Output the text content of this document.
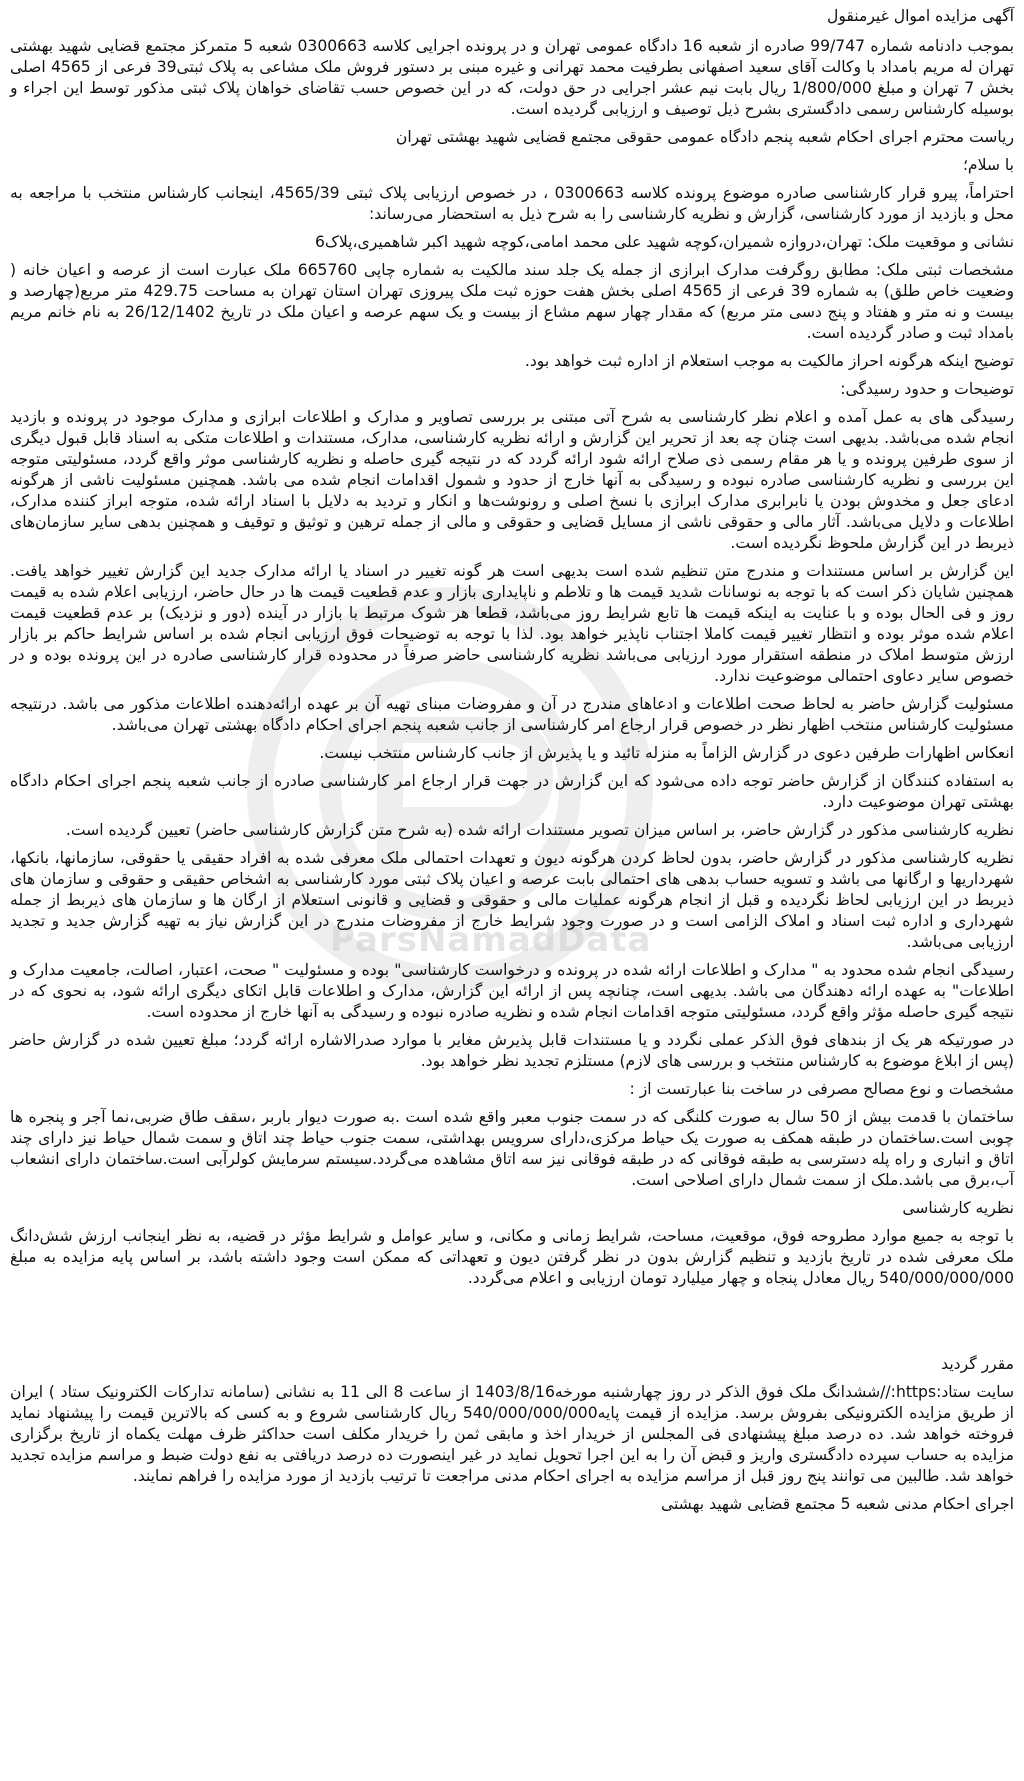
ParsNamadData

آگهی مزایده اموال غیرمنقول

بموجب دادنامه شماره 99/747 صادره از شعبه 16 دادگاه عمومی تهران و در پرونده اجرایی کلاسه 0300663 شعبه 5 متمرکز مجتمع قضایی شهید بهشتی تهران له مریم بامداد با وکالت آقای سعید اصفهانی بطرفیت محمد تهرانی و غیره مبنی بر دستور فروش ملک مشاعی به پلاک ثبتی39 فرعی از 4565 اصلی بخش 7 تهران و مبلغ 1/800/000 ریال بابت نیم عشر اجرایی در حق دولت، که در این خصوص حسب تقاضای خواهان پلاک ثبتی مذکور توسط این اجراء و بوسیله کارشناس رسمی دادگستری بشرح ذیل توصیف و ارزیابی گردیده است.

ریاست محترم اجرای احکام شعبه پنجم دادگاه عمومی حقوقی مجتمع قضایی شهید بهشتی تهران

با سلام؛

احتراماً، پیرو قرار کارشناسی صادره موضوع پرونده کلاسه 0300663 ، در خصوص ارزیابی پلاک ثبتی 4565/39، اینجانب کارشناس منتخب با مراجعه به محل و بازدید از مورد کارشناسی، گزارش و نظریه کارشناسی را به شرح ذیل به استحضار می‌رساند:

نشانی و موقعیت ملک: تهران،دروازه شمیران،کوچه شهید علی محمد امامی،کوچه شهید اکبر شاهمیری،پلاک6

مشخصات ثبتی ملک: مطابق روگرفت مدارک ابرازی از جمله یک جلد سند مالکیت به شماره چاپی 665760 ملک عبارت است از عرصه و اعیان خانه ( وضعیت خاص طلق) به شماره 39 فرعی از 4565 اصلی بخش هفت حوزه ثبت ملک پیروزی تهران استان تهران به مساحت 429.75 متر مربع(چهارصد و بیست و نه متر و هفتاد و پنج دسی متر مربع) که مقدار چهار سهم مشاع از بیست و یک سهم عرصه و اعیان ملک در تاریخ 26/12/1402 به نام خانم مریم بامداد ثبت و صادر گردیده است.

توضیح اینکه هرگونه احراز مالکیت به موجب استعلام از اداره ثبت خواهد بود.

توضیحات و حدود رسیدگی:

رسیدگی های به عمل آمده و اعلام نظر کارشناسی به شرح آتی مبتنی بر بررسی تصاویر و مدارک و اطلاعات ابرازی و مدارک موجود در پرونده و بازدید انجام شده می‌باشد. بدیهی است چنان چه بعد از تحریر این گزارش و ارائه نظریه کارشناسی، مدارک، مستندات و اطلاعات متکی به اسناد قابل قبول دیگری از سوی طرفین پرونده و یا هر مقام رسمی ذی صلاح ارائه شود ارائه گردد که در نتیجه گیری حاصله و نظریه کارشناسی موثر واقع گردد، مسئولیتی متوجه این بررسی و نظریه کارشناسی صادره نبوده و رسیدگی به آنها خارج از حدود و شمول اقدامات انجام شده می باشد. همچنین مسئولیت ناشی از هرگونه ادعای جعل و مخدوش بودن یا نابرابری مدارک ابرازی با نسخ اصلی و رونوشت‌ها و انکار و تردید به دلایل با اسناد ارائه شده، متوجه ابراز کننده مدارک، اطلاعات و دلایل می‌باشد. آثار مالی و حقوقی ناشی از مسایل قضایی و حقوقی و مالی از جمله ترهین و توثیق و توقیف و همچنین بدهی سایر سازمان‌های ذیربط در این گزارش ملحوظ نگردیده است.

این گزارش بر اساس مستندات و مندرج متن تنظیم شده است بدیهی است هر گونه تغییر در اسناد یا ارائه مدارک جدید این گزارش تغییر خواهد یافت. همچنین شایان ذکر است که با توجه به نوسانات شدید قیمت ها و تلاطم و ناپایداری بازار و عدم قطعیت قیمت ها در حال حاضر، ارزیابی اعلام شده به قیمت روز و فی الحال بوده و با عنایت به اینکه قیمت ها تابع شرایط روز می‌باشد، قطعا هر شوک مرتبط با بازار در آینده (دور و نزدیک) بر عدم قطعیت قیمت اعلام شده موثر بوده و انتظار تغییر قیمت کاملا اجتناب ناپذیر خواهد بود. لذا با توجه به توضیحات فوق ارزیابی انجام شده بر اساس شرایط حاکم بر بازار ارزش متوسط املاک در منطقه استقرار مورد ارزیابی می‌باشد نظریه کارشناسی حاضر صرفاً در محدوده قرار کارشناسی صادره در این پرونده بوده و در خصوص سایر دعاوی احتمالی موضوعیت ندارد.

مسئولیت گزارش حاضر به لحاظ صحت اطلاعات و ادعاهای مندرج در آن و مفروضات مبنای تهیه آن بر عهده ارائه‌دهنده اطلاعات مذکور می باشد. درنتیجه مسئولیت کارشناس منتخب اظهار نظر در خصوص قرار ارجاع امر کارشناسی از جانب شعبه پنجم اجرای احکام دادگاه بهشتی تهران می‌باشد.

انعکاس اظهارات طرفین دعوی در گزارش الزاماً به منزله تائید و یا پذیرش از جانب کارشناس منتخب نیست.

به استفاده کنندگان از گزارش حاضر توجه داده می‌شود که این گزارش در جهت قرار ارجاع امر کارشناسی صادره از جانب شعبه پنجم اجرای احکام دادگاه بهشتی تهران موضوعیت دارد.

نظریه کارشناسی مذکور در گزارش حاضر، بر اساس میزان تصویر مستندات ارائه شده (به شرح متن گزارش کارشناسی حاضر) تعیین گردیده است.

نظریه کارشناسی مذکور در گزارش حاضر، بدون لحاظ کردن هرگونه دیون و تعهدات احتمالی ملک معرفی شده به افراد حقیقی یا حقوقی، سازمانها، بانکها، شهرداریها و ارگانها می باشد و تسویه حساب بدهی های احتمالی بابت عرصه و اعیان پلاک ثبتی مورد کارشناسی به اشخاص حقیقی و حقوقی و سازمان های ذیربط در این ارزیابی لحاظ نگردیده و قبل از انجام هرگونه عملیات مالی و حقوقی و قضایی و قانونی استعلام از ارگان ها و سازمان های ذیربط از جمله شهرداری و اداره ثبت اسناد و املاک الزامی است و در صورت وجود شرایط خارج از مفروضات مندرج در این گزارش نیاز به تهیه گزارش جدید و تجدید ارزیابی می‌باشد.

رسیدگی انجام شده محدود به " مدارک و اطلاعات ارائه شده در پرونده و درخواست کارشناسی" بوده و مسئولیت " صحت، اعتبار، اصالت، جامعیت مدارک و اطلاعات" به عهده ارائه دهندگان می باشد. بدیهی است، چنانچه پس از ارائه این گزارش، مدارک و اطلاعات قابل اتکای دیگری ارائه شود، به نحوی که در نتیجه گیری حاصله مؤثر واقع گردد، مسئولیتی متوجه اقدامات انجام شده و نظریه صادره نبوده و رسیدگی به آنها خارج از محدوده است.

در صورتیکه هر یک از بندهای فوق الذکر عملی نگردد و یا مستندات قابل پذیرش مغایر با موارد صدرالاشاره ارائه گردد؛ مبلغ تعیین شده در گزارش حاضر (پس از ابلاغ موضوع به کارشناس منتخب و بررسی های لازم) مستلزم تجدید نظر خواهد بود.

مشخصات و نوع مصالح مصرفی در ساخت بنا عبارتست از :

ساختمان با قدمت بیش از 50 سال به صورت کلنگی که در سمت جنوب معبر واقع شده است .به صورت دیوار باربر ،سقف طاق ضربی،نما آجر و پنجره ها چوبی است.ساختمان در طبقه همکف به صورت یک حیاط مرکزی،دارای سرویس بهداشتی، سمت جنوب حیاط چند اتاق و سمت شمال حیاط نیز دارای چند اتاق و انباری و راه پله دسترسی به طبقه فوقانی که در طبقه فوقانی نیز سه اتاق مشاهده می‌گردد.سیستم سرمایش کولرآبی است.ساختمان دارای انشعاب آب،برق می باشد.ملک از سمت شمال دارای اصلاحی است.

نظریه کارشناسی

با توجه به جمیع موارد مطروحه فوق، موقعیت، مساحت، شرایط زمانی و مکانی، و سایر عوامل و شرایط مؤثر در قضیه، به نظر اینجانب ارزش شش‌دانگ ملک معرفی شده در تاریخ بازدید و تنظیم گزارش بدون در نظر گرفتن دیون و تعهداتی که ممکن است وجود داشته باشد، بر اساس پایه مزایده به مبلغ 540/000/000/000 ریال معادل پنجاه و چهار میلیارد تومان ارزیابی و اعلام می‌گردد.

مقرر گردید

سایت ستاد:https://ششدانگ ملک فوق الذکر در روز چهارشنبه مورخه1403/8/16 از ساعت 8 الی 11 به نشانی (سامانه تدارکات الکترونیک ستاد ) ایران از طریق مزایده الکترونیکی بفروش برسد. مزایده از قیمت پایه540/000/000/000 ریال کارشناسی شروع و به کسی که بالاترین قیمت را پیشنهاد نماید فروخته خواهد شد. ده درصد مبلغ پیشنهادی فی المجلس از خریدار اخذ و مابقی ثمن را خریدار مکلف است حداکثر ظرف مهلت یکماه از تاریخ برگزاری مزایده به حساب سپرده دادگستری واریز و قبض آن را به این اجرا تحویل نماید در غیر اینصورت ده درصد دریافتی به نفع دولت ضبط و مراسم مزایده تجدید خواهد شد. طالبین می توانند پنج روز قبل از مراسم مزایده به اجرای احکام مدنی مراجعت تا ترتیب بازدید از مورد مزایده را فراهم نمایند.

اجرای احکام مدنی شعبه 5 مجتمع قضایی شهید بهشتی
